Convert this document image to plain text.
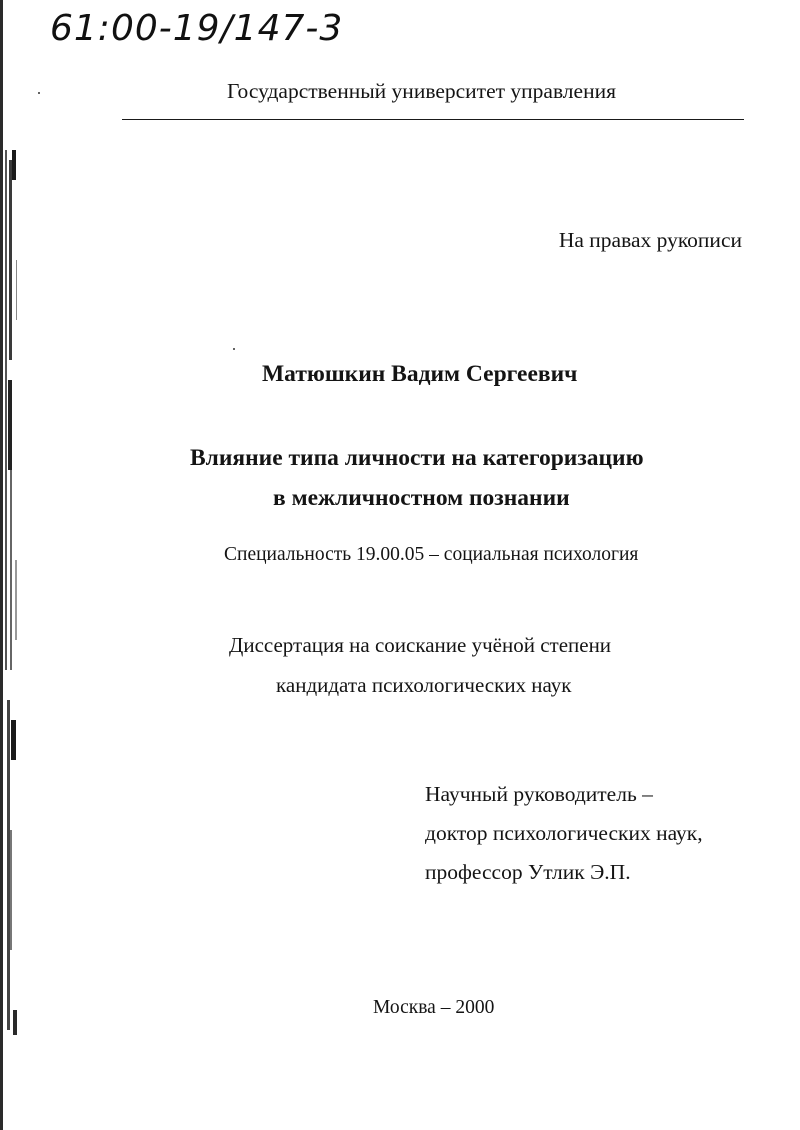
61:00-19/147-3
Государственный университет управления
На правах рукописи
Матюшкин Вадим Сергеевич
Влияние типа личности на категоризацию
в межличностном познании
Специальность 19.00.05 – социальная психология
Диссертация на соискание учёной степени
кандидата психологических наук
Научный руководитель –
доктор психологических наук,
профессор Утлик Э.П.
Москва – 2000
